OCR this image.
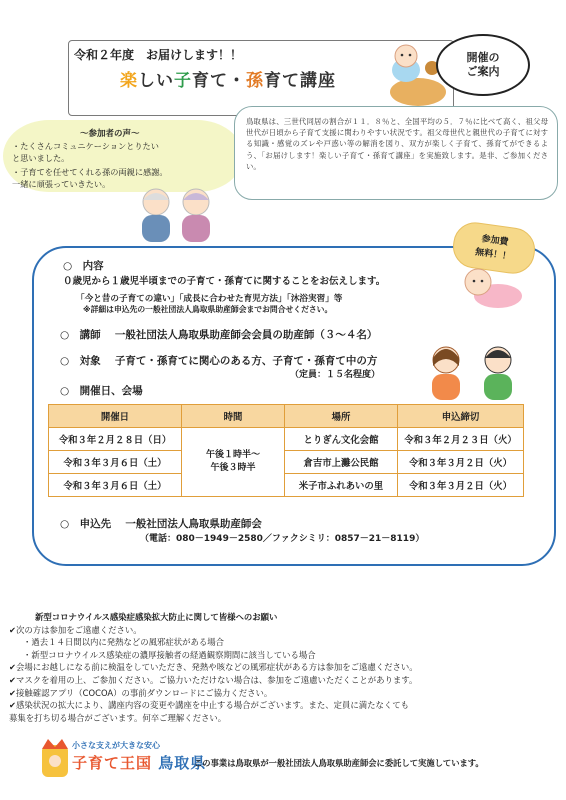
令和２年度　お届けします！！
楽しい子育て・孫育て講座
開催の
ご案内
～参加者の声～
・たくさんコミュニケーションとりたい
と思いました。
・子育てを任せてくれる孫の両親に感謝。
一緒に頑張っていきたい。
鳥取県は、三世代同居の割合が１１．８％と、全国平均の５．７％に比べて高く、祖父母世代が日頃から子育て支援に関わりやすい状況です。祖父母世代と親世代の子育てに対する知識・感覚のズレや戸惑い等の解消を図り、双方が楽しく子育て、孫育てができるよう、「お届けします！楽しい子育て・孫育て講座」を実施致します。是非、ご参加ください。
参加費
無料！！
○　内容
０歳児から１歳児半頃までの子育て・孫育てに関することをお伝えします。
「今と昔の子育ての違い」「成長に合わせた育児方法」「沐浴実習」等
※詳細は申込先の一般社団法人鳥取県助産師会までお問合せください。
○　講師　 一般社団法人鳥取県助産師会会員の助産師（３～４名）
○　対象　 子育て・孫育てに関心のある方、子育て・孫育て中の方
（定員：１５名程度）
○　開催日、会場
開催日	時間	場所	申込締切
令和３年２月２８日（日）	午後１時半～
午後３時半	とりぎん文化会館	令和３年２月２３日（火）
令和３年３月６日（土）		倉吉市上灘公民館	令和３年３月２日（火）
令和３年３月６日（土）		米子市ふれあいの里	令和３年３月２日（火）
○　申込先　 一般社団法人鳥取県助産師会
（電話：080－1949－2580／ファクシミリ：0857－21－8119）
新型コロナウイルス感染症感染拡大防止に関して皆様へのお願い
✔次の方は参加をご遠慮ください。
・過去１４日間以内に発熱などの風邪症状がある場合
・新型コロナウイルス感染症の濃厚接触者の経過観察期間に該当している場合
✔会場にお越しになる前に検温をしていただき、発熱や咳などの風邪症状がある方は参加をご遠慮ください。
✔マスクを着用の上、ご参加ください。ご協力いただけない場合は、参加をご遠慮いただくことがあります。
✔接触確認アプリ（COCOA）の事前ダウンロードにご協力ください。
✔感染状況の拡大により、講座内容の変更や講座を中止する場合がございます。また、定員に満たなくても
募集を打ち切る場合がございます。何卒ご理解ください。
小さな支えが大きな安心
子育て王国 鳥取県
この事業は鳥取県が一般社団法人鳥取県助産師会に委託して実施しています。
